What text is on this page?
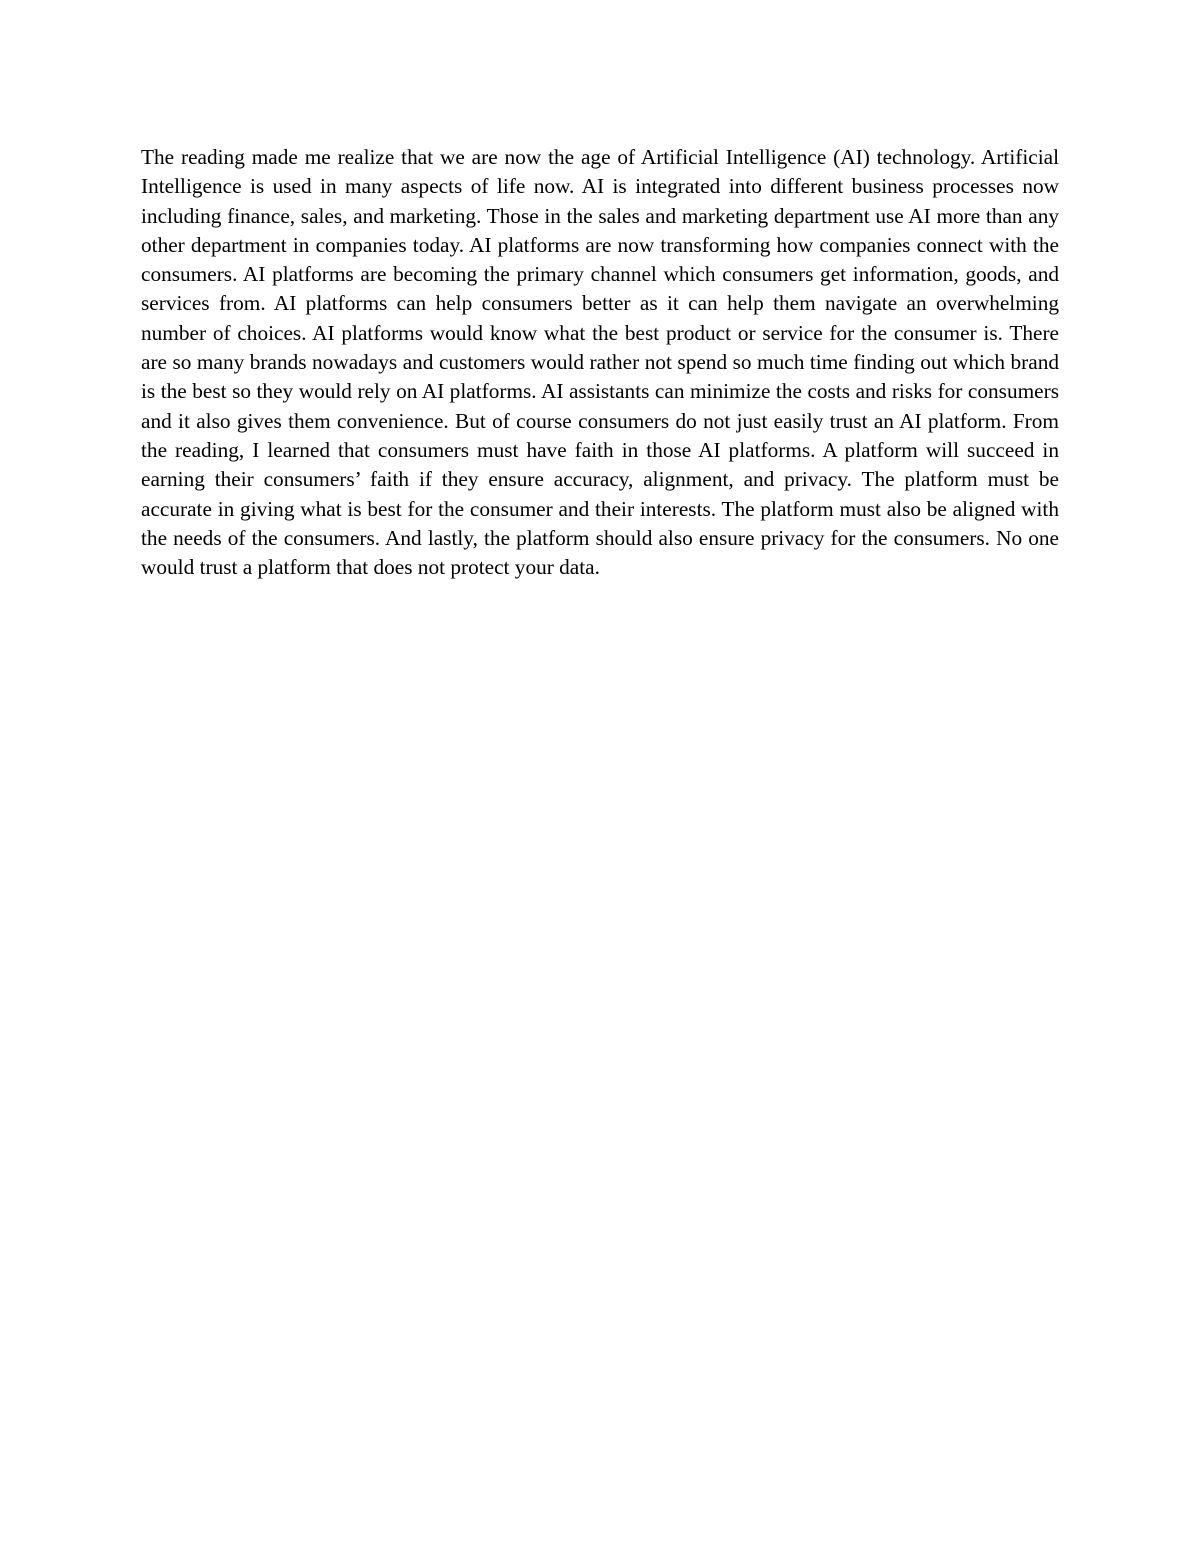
The reading made me realize that we are now the age of Artificial Intelligence (AI) technology. Artificial Intelligence is used in many aspects of life now. AI is integrated into different business processes now including finance, sales, and marketing. Those in the sales and marketing department use AI more than any other department in companies today. AI platforms are now transforming how companies connect with the consumers. AI platforms are becoming the primary channel which consumers get information, goods, and services from. AI platforms can help consumers better as it can help them navigate an overwhelming number of choices. AI platforms would know what the best product or service for the consumer is. There are so many brands nowadays and customers would rather not spend so much time finding out which brand is the best so they would rely on AI platforms. AI assistants can minimize the costs and risks for consumers and it also gives them convenience. But of course consumers do not just easily trust an AI platform. From the reading, I learned that consumers must have faith in those AI platforms. A platform will succeed in earning their consumers’ faith if they ensure accuracy, alignment, and privacy. The platform must be accurate in giving what is best for the consumer and their interests. The platform must also be aligned with the needs of the consumers. And lastly, the platform should also ensure privacy for the consumers. No one would trust a platform that does not protect your data.
